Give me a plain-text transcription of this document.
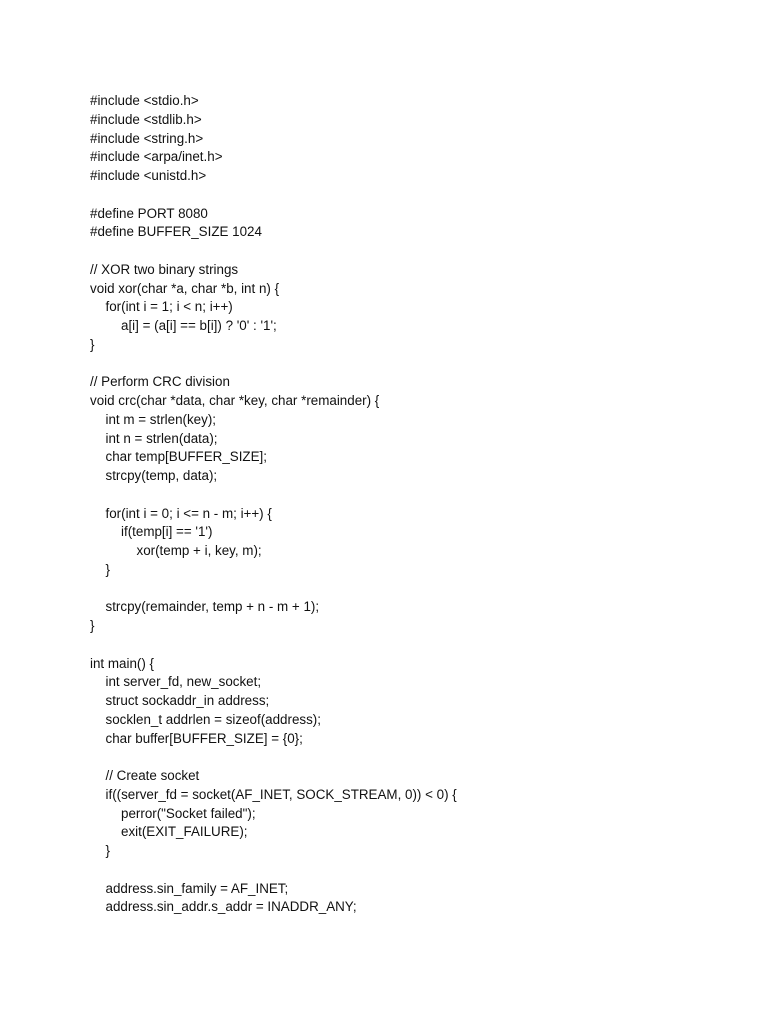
#include <stdio.h>
#include <stdlib.h>
#include <string.h>
#include <arpa/inet.h>
#include <unistd.h>
#define PORT 8080
#define BUFFER_SIZE 1024
// XOR two binary strings
void xor(char *a, char *b, int n) {
for(int i = 1; i < n; i++)
a[i] = (a[i] == b[i]) ? '0' : '1';
}
// Perform CRC division
void crc(char *data, char *key, char *remainder) {
int m = strlen(key);
int n = strlen(data);
char temp[BUFFER_SIZE];
strcpy(temp, data);
for(int i = 0; i <= n - m; i++) {
if(temp[i] == '1')
xor(temp + i, key, m);
}
strcpy(remainder, temp + n - m + 1);
}
int main() {
int server_fd, new_socket;
struct sockaddr_in address;
socklen_t addrlen = sizeof(address);
char buffer[BUFFER_SIZE] = {0};
// Create socket
if((server_fd = socket(AF_INET, SOCK_STREAM, 0)) < 0) {
perror("Socket failed");
exit(EXIT_FAILURE);
}
address.sin_family = AF_INET;
address.sin_addr.s_addr = INADDR_ANY;
